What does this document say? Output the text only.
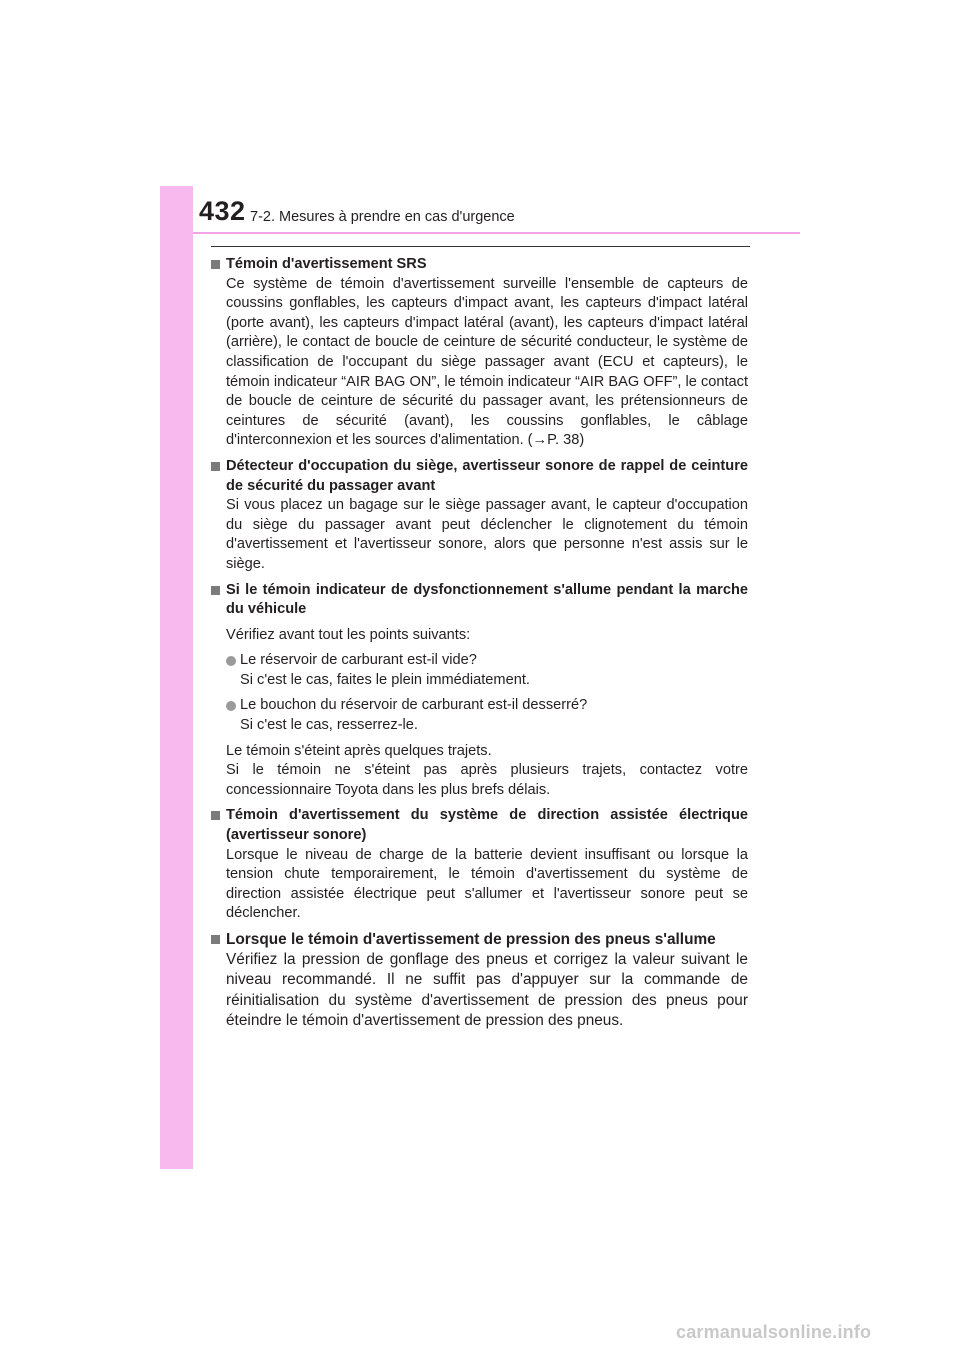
432 7-2. Mesures à prendre en cas d'urgence
Témoin d'avertissement SRS
Ce système de témoin d'avertissement surveille l'ensemble de capteurs de coussins gonflables, les capteurs d'impact avant, les capteurs d'impact latéral (porte avant), les capteurs d'impact latéral (avant), les capteurs d'impact latéral (arrière), le contact de boucle de ceinture de sécurité conducteur, le système de classification de l'occupant du siège passager avant (ECU et capteurs), le témoin indicateur “AIR BAG ON”, le témoin indicateur “AIR BAG OFF”, le contact de boucle de ceinture de sécurité du passager avant, les prétensionneurs de ceintures de sécurité (avant), les coussins gonflables, le câblage d'interconnexion et les sources d'alimentation. (→P. 38)
Détecteur d'occupation du siège, avertisseur sonore de rappel de ceinture de sécurité du passager avant
Si vous placez un bagage sur le siège passager avant, le capteur d'occupation du siège du passager avant peut déclencher le clignotement du témoin d'avertissement et l'avertisseur sonore, alors que personne n'est assis sur le siège.
Si le témoin indicateur de dysfonctionnement s'allume pendant la marche du véhicule
Vérifiez avant tout les points suivants:
Le réservoir de carburant est-il vide?
Si c'est le cas, faites le plein immédiatement.
Le bouchon du réservoir de carburant est-il desserré?
Si c'est le cas, resserrez-le.
Le témoin s'éteint après quelques trajets.
Si le témoin ne s'éteint pas après plusieurs trajets, contactez votre concessionnaire Toyota dans les plus brefs délais.
Témoin d'avertissement du système de direction assistée électrique (avertisseur sonore)
Lorsque le niveau de charge de la batterie devient insuffisant ou lorsque la tension chute temporairement, le témoin d'avertissement du système de direction assistée électrique peut s'allumer et l'avertisseur sonore peut se déclencher.
Lorsque le témoin d'avertissement de pression des pneus s'allume
Vérifiez la pression de gonflage des pneus et corrigez la valeur suivant le niveau recommandé. Il ne suffit pas d'appuyer sur la commande de réinitialisation du système d'avertissement de pression des pneus pour éteindre le témoin d'avertissement de pression des pneus.
carmanualsonline.info
